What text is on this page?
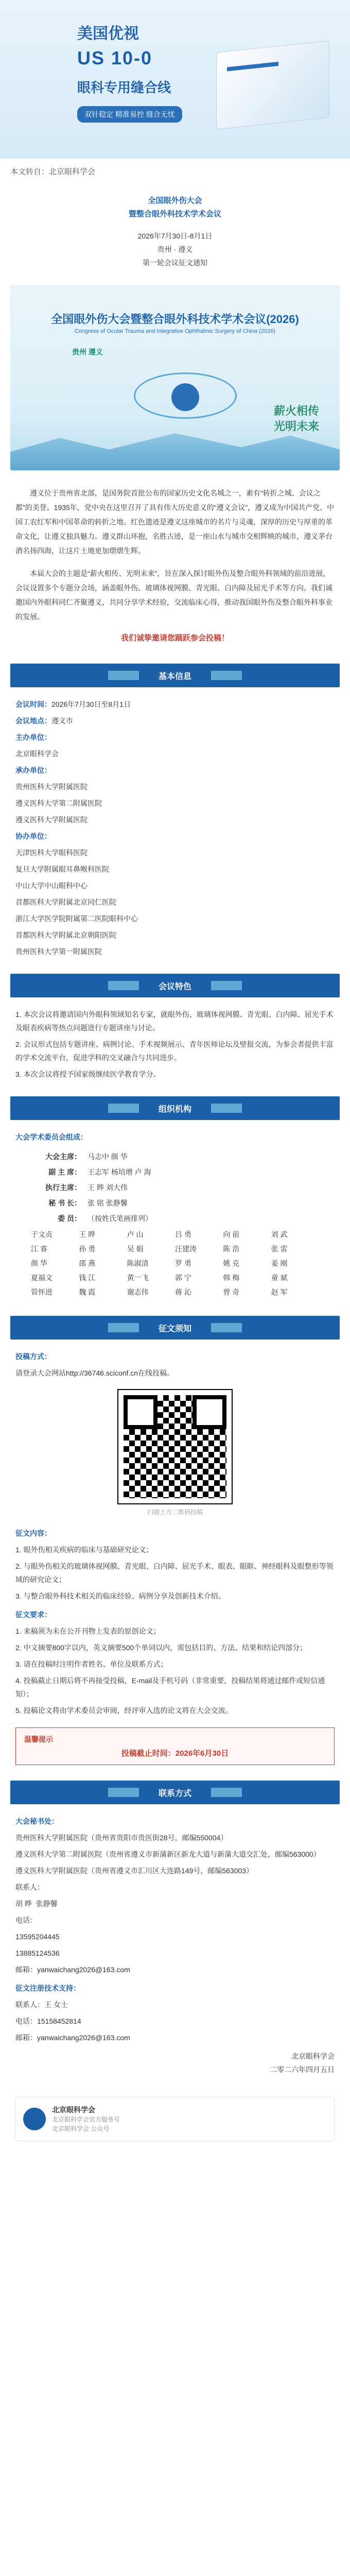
美国优视
US 10-0
眼科专用缝合线
双针稳定 精准易控 缝合无忧
本文转自：北京眼科学会
全国眼外伤大会
暨整合眼外科技术学术会议
2026年7月30日-8月1日
贵州 · 遵义
第一轮会议征文通知
全国眼外伤大会暨整合眼外科技术学术会议(2026)
Congress of Ocular Trauma and Integrative Ophthalmic Surgery of China (2026)
贵州 遵义
薪火相传
光明未来

遵义位于贵州省北部，是国务院首批公布的国家历史文化名城之一，素有“转折之城、会议之都”的美誉。1935年，党中央在这里召开了具有伟大历史意义的“遵义会议”，遵义成为中国共产党、中国工农红军和中国革命的转折之地。红色遗迹是遵义这座城市的名片与灵魂，深厚的历史与厚重的革命文化，让遵义独具魅力。遵义群山环抱，名胜古迹，是一座山水与城市交相辉映的城市，遵义茅台酒名扬四海，让这片土地更加熠熠生辉。

本届大会的主题是“薪火相传、光明未来”，旨在深入探讨眼外伤及整合眼外科领域的前沿进展，会议设置多个专题分会场，涵盖眼外伤、玻璃体视网膜、青光眼、白内障及屈光手术等方向。我们诚邀国内外眼科同仁齐聚遵义，共同分享学术经验，交流临床心得，推动我国眼外伤及整合眼外科事业的发展。

我们诚挚邀请您踊跃参会投稿！
基本信息

会议时间：2026年7月30日至8月1日

会议地点：遵义市

主办单位：

北京眼科学会

承办单位：

贵州医科大学附属医院

遵义医科大学第二附属医院

遵义医科大学附属医院

协办单位：

天津医科大学眼科医院

复旦大学附属眼耳鼻喉科医院

中山大学中山眼科中心

首都医科大学附属北京同仁医院

浙江大学医学院附属第二医院眼科中心

首都医科大学附属北京朝阳医院

贵州医科大学第一附属医院

会议特色

1. 本次会议将邀请国内外眼科领域知名专家，就眼外伤、玻璃体视网膜、青光眼、白内障、屈光手术及眼表疾病等热点问题进行专题讲座与讨论。

2. 会议形式包括专题讲座、病例讨论、手术视频展示、青年医师论坛及壁报交流，为参会者提供丰富的学术交流平台，促进学科的交叉融合与共同进步。

3. 本次会议将授予国家级继续医学教育学分。

组织机构
大会学术委员会组成：
大会主席： 马志中 颜 华
副 主 席： 王志军 杨培增 卢 海
执行主席： 王 晔 刘大伟
秘 书 长： 张 铭 张静馨
委 员： （按姓氏笔画排列）
于文贞	王 晔	卢 山	吕 勇	向 前	刘 武
江 睿	孙 勇	吴 娟	汪建涛	陈 浩	张 雷
颜 华	邵 燕	陈淑清	罗 勇	姚 克	姜 刚
夏福文	钱 江	黄一飞	郭 宁	韩 梅	童 斌
管怀进	魏 霞	谢志伟	蒋 沁	曾 奇	赵 军
征文须知

投稿方式：

请登录大会网站http://36746.sciconf.cn在线投稿。

扫描上方二维码投稿

征文内容：

1. 眼外伤相关疾病的临床与基础研究论文；

2. 与眼外伤相关的玻璃体视网膜、青光眼、白内障、屈光手术、眼表、眼眶、神经眼科及眼整形等领域的研究论文；

3. 与整合眼外科技术相关的临床经验、病例分享及创新技术介绍。

征文要求：

1. 来稿须为未在公开刊物上发表的原创论文；

2. 中文摘要800字以内，英文摘要500个单词以内，需包括目的、方法、结果和结论四部分；

3. 请在投稿时注明作者姓名、单位及联系方式；

4. 投稿截止日期后将不再接受投稿，E-mail及手机号码（非常重要，投稿结果将通过邮件或短信通知）；

5. 投稿论文将由学术委员会审阅，经评审入选的论文将在大会交流。

温馨提示
投稿截止时间：2026年6月30日
联系方式

大会秘书处：

贵州医科大学附属医院（贵州省贵阳市贵医街28号，邮编550004）

遵义医科大学第二附属医院（贵州省遵义市新蒲新区新龙大道与新蒲大道交汇处，邮编563000）

遵义医科大学附属医院（贵州省遵义市汇川区大连路149号，邮编563003）

联系人：

胡 晔 张静馨

电话：

13595204445

13885124536

邮箱：yanwaichang2026@163.com

征文注册技术支持：

联系人：王 女士

电话：15158452814

邮箱：yanwaichang2026@163.com

北京眼科学会
二零二六年四月五日
北京眼科学会
北京眼科学会官方服务号
北京眼科学会 公众号
